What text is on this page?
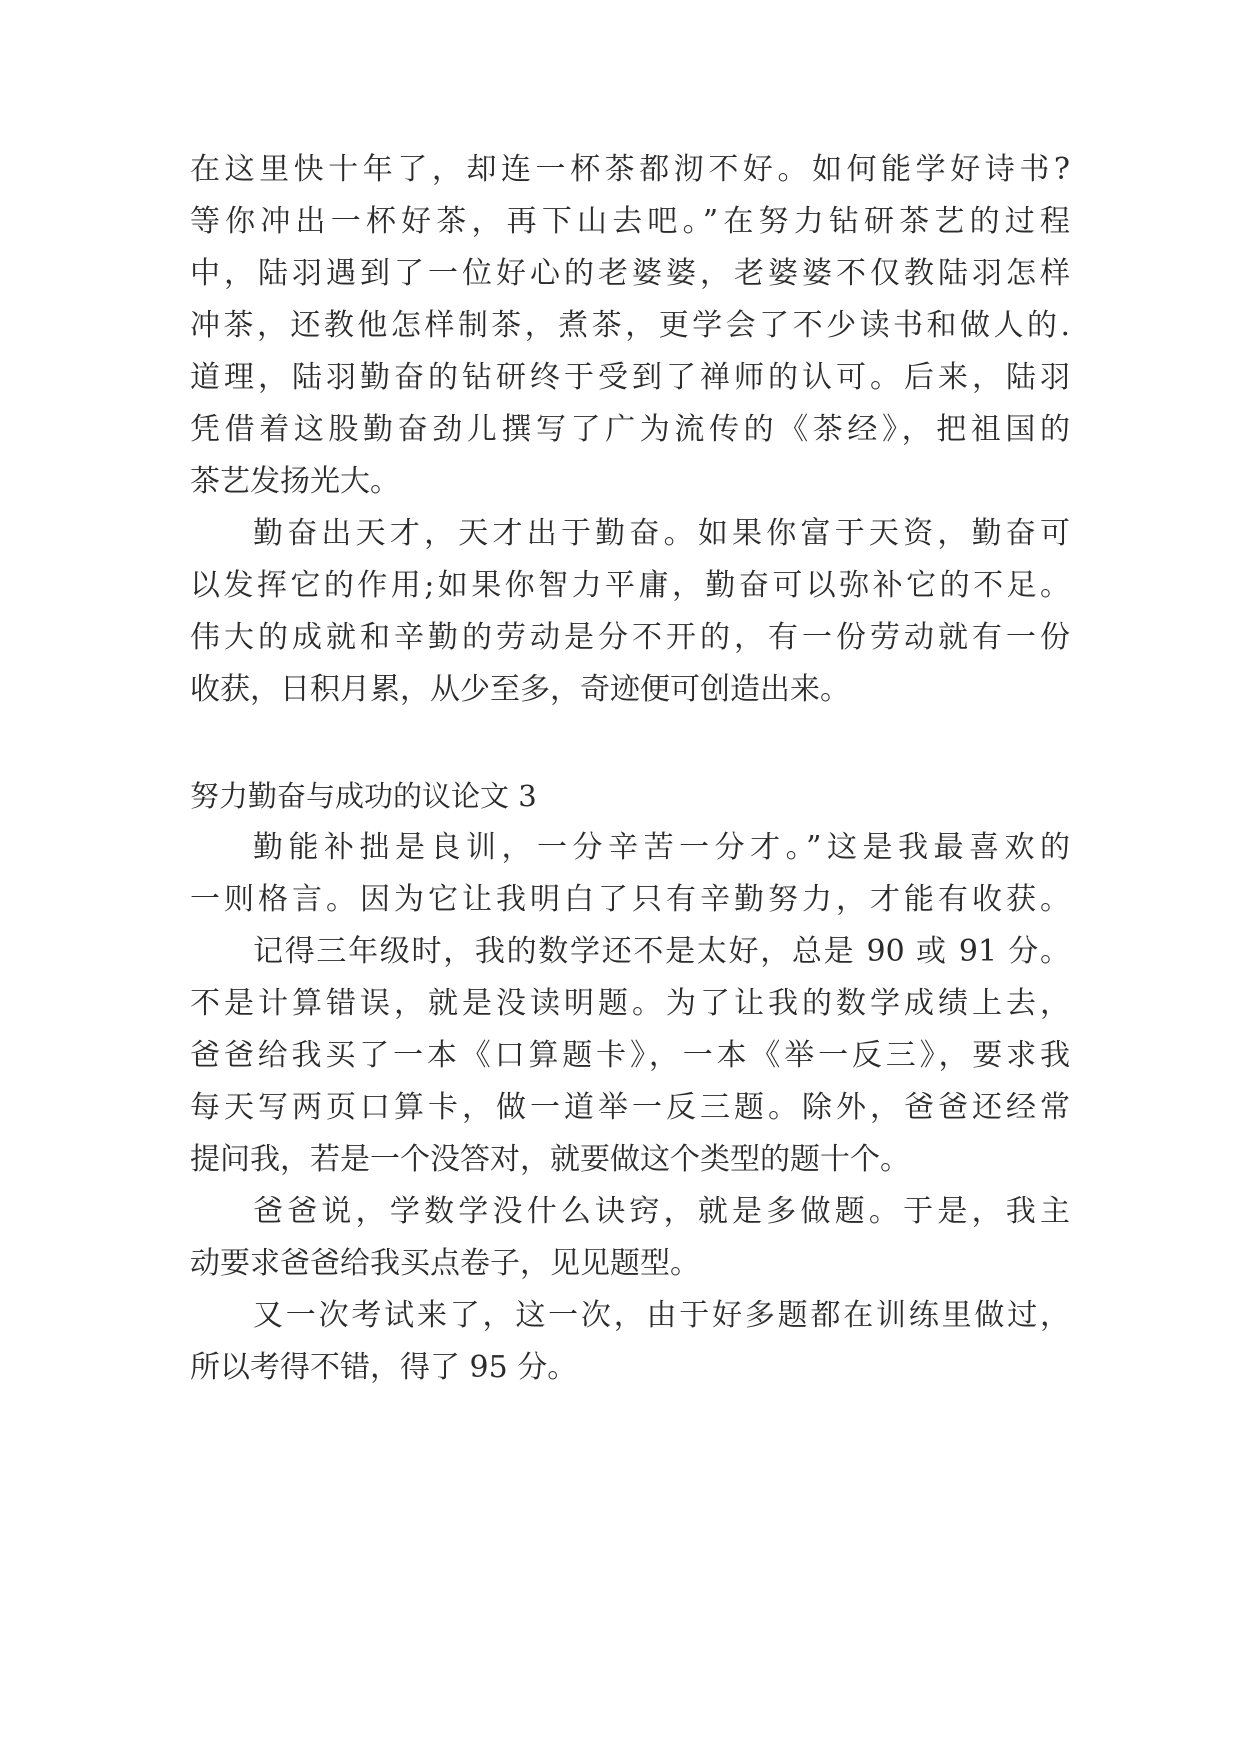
在这里快十年了，却连一杯茶都沏不好。如何能学好诗书?
等你冲出一杯好茶，再下山去吧。”在努力钻研茶艺的过程
中，陆羽遇到了一位好心的老婆婆，老婆婆不仅教陆羽怎样
冲茶，还教他怎样制茶，煮茶，更学会了不少读书和做人的.
道理，陆羽勤奋的钻研终于受到了禅师的认可。后来，陆羽
凭借着这股勤奋劲儿撰写了广为流传的《茶经》，把祖国的
茶艺发扬光大。
勤奋出天才，天才出于勤奋。如果你富于天资，勤奋可
以发挥它的作用;如果你智力平庸，勤奋可以弥补它的不足。
伟大的成就和辛勤的劳动是分不开的，有一份劳动就有一份
收获，日积月累，从少至多，奇迹便可创造出来。
努力勤奋与成功的议论文 3
勤能补拙是良训，一分辛苦一分才。”这是我最喜欢的
一则格言。因为它让我明白了只有辛勤努力，才能有收获。
记得三年级时，我的数学还不是太好，总是 90 或 91 分。
不是计算错误，就是没读明题。为了让我的数学成绩上去，
爸爸给我买了一本《口算题卡》，一本《举一反三》，要求我
每天写两页口算卡，做一道举一反三题。除外，爸爸还经常
提问我，若是一个没答对，就要做这个类型的题十个。
爸爸说，学数学没什么诀窍，就是多做题。于是，我主
动要求爸爸给我买点卷子，见见题型。
又一次考试来了，这一次，由于好多题都在训练里做过，
所以考得不错，得了 95 分。
